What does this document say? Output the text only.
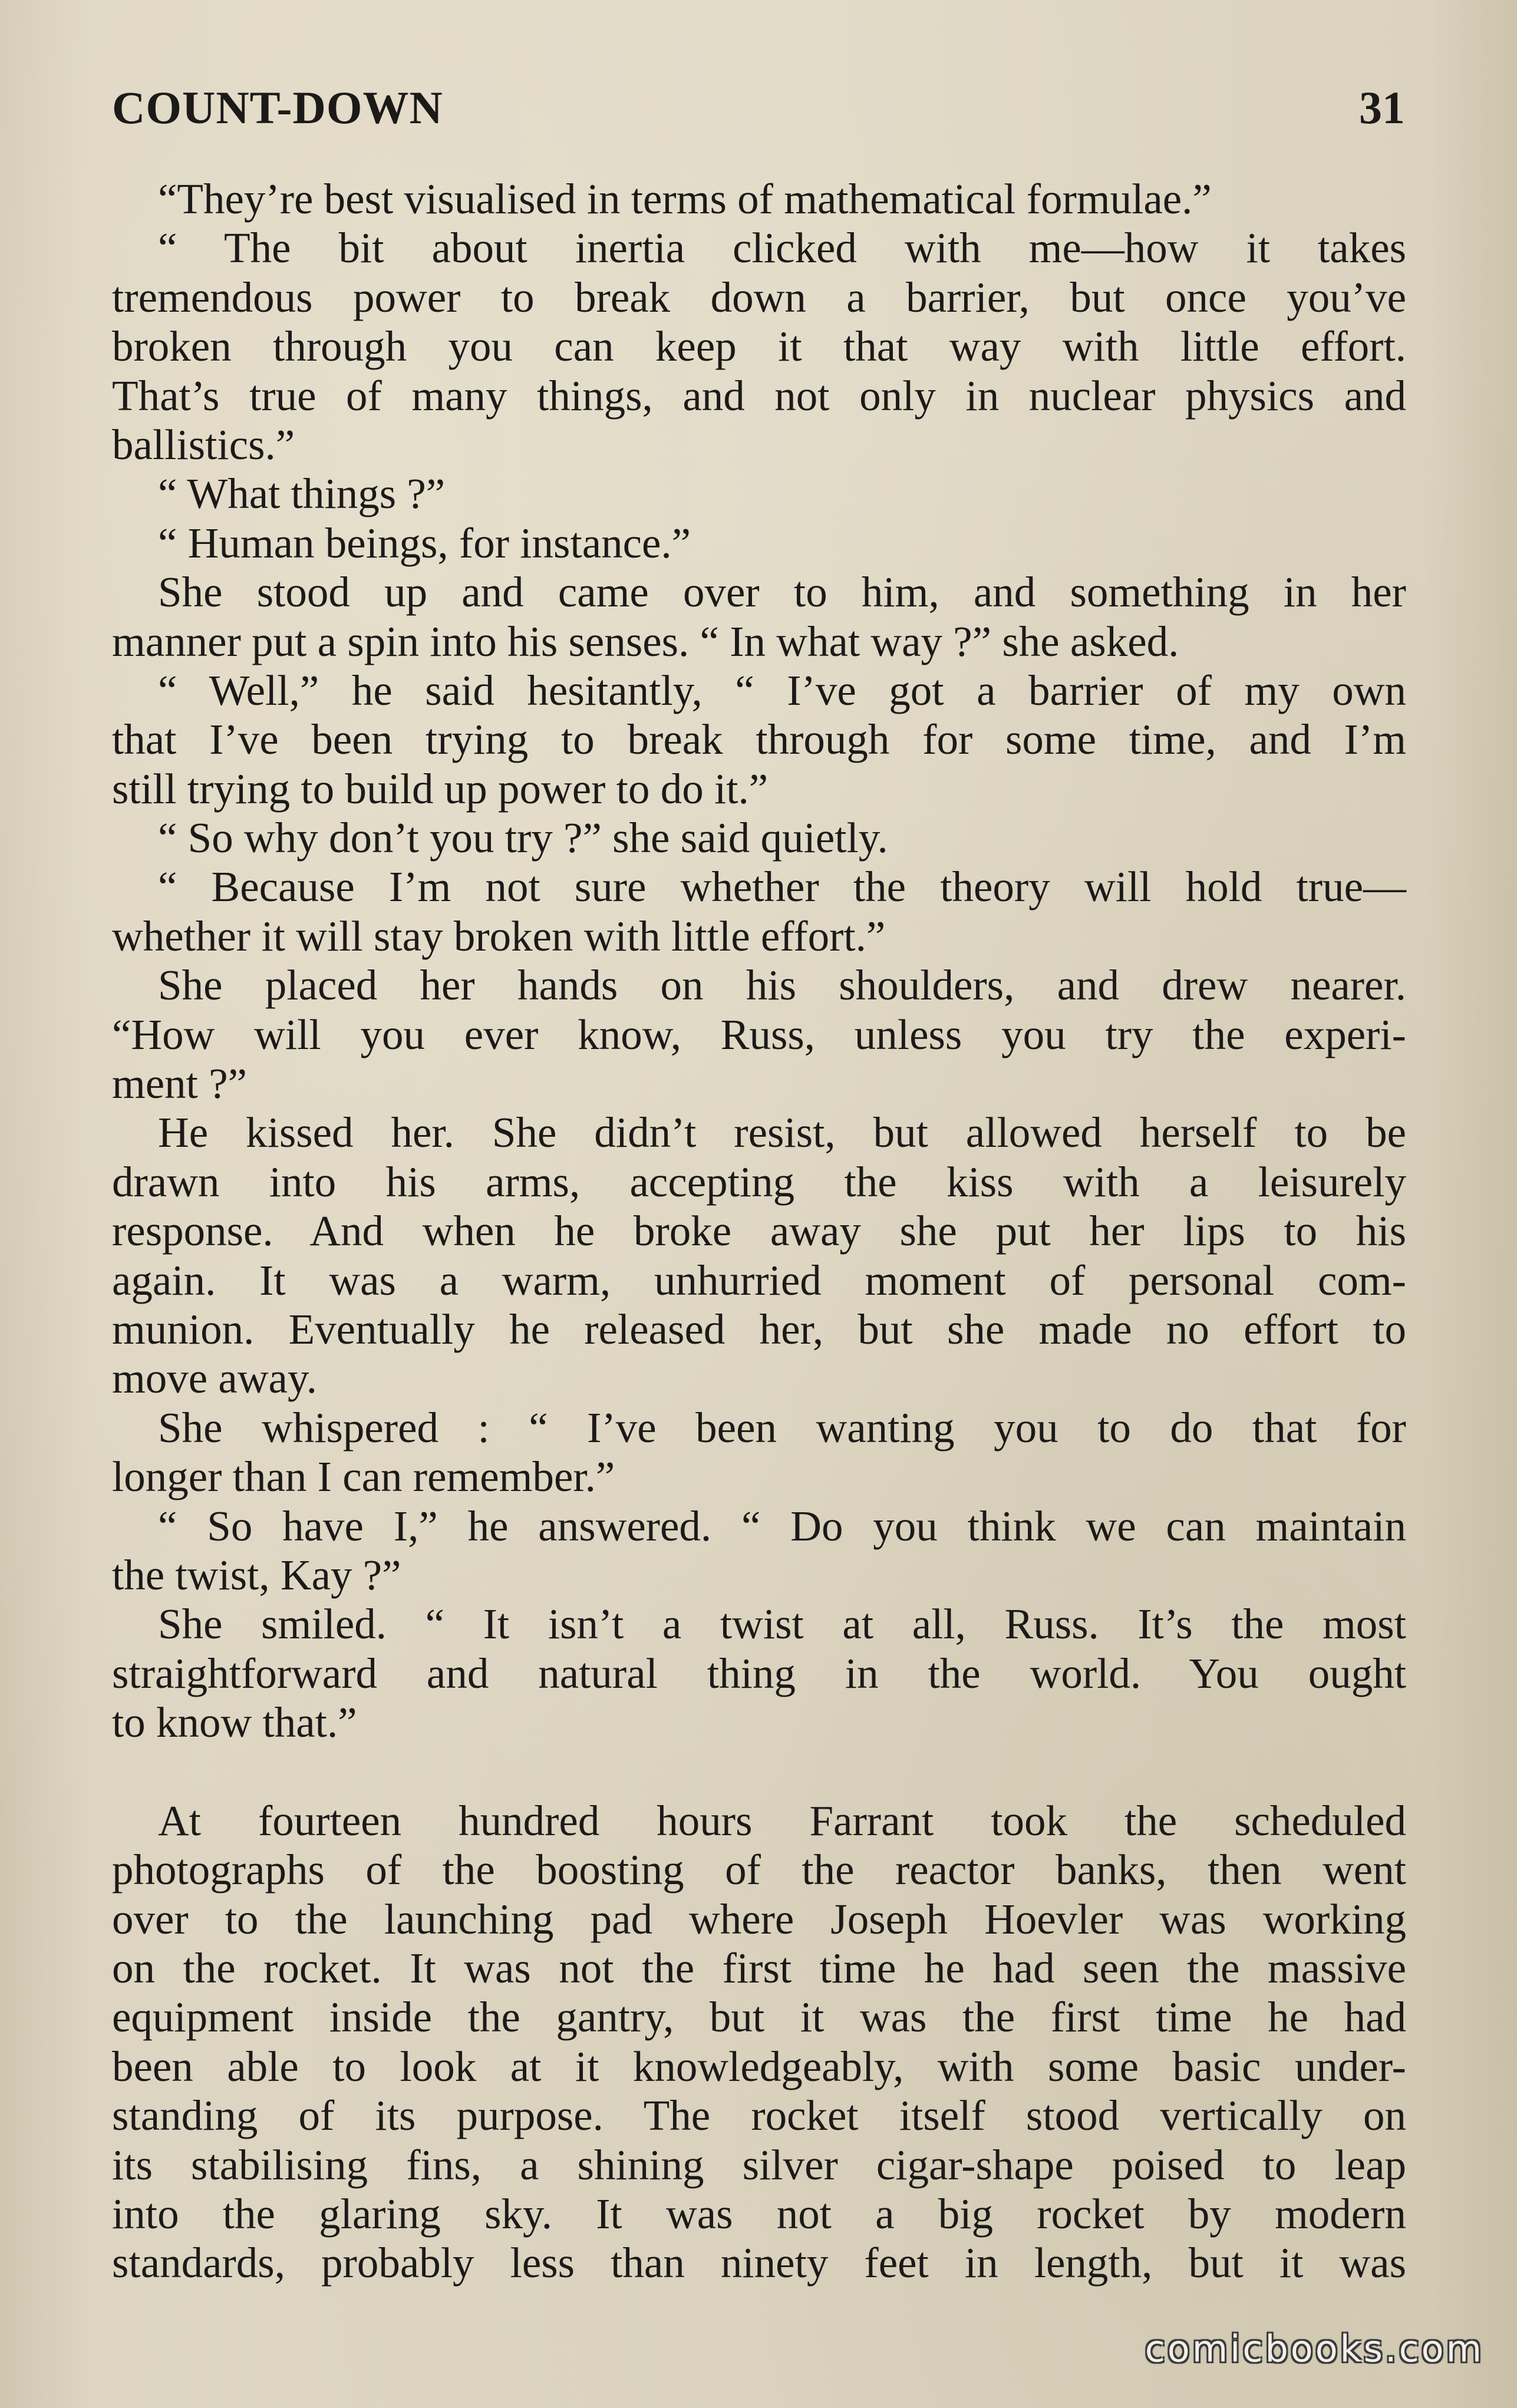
COUNT-DOWN	31
“They’re best visualised in terms of mathematical formulae.”
“ The bit about inertia clicked with me—how it takes
tremendous power to break down a barrier, but once you’ve
broken through you can keep it that way with little effort.
That’s true of many things, and not only in nuclear physics and
ballistics.”
“ What things ?”
“ Human beings, for instance.”
She stood up and came over to him, and something in her
manner put a spin into his senses. “ In what way ?” she asked.
“ Well,” he said hesitantly, “ I’ve got a barrier of my own
that I’ve been trying to break through for some time, and I’m
still trying to build up power to do it.”
“ So why don’t you try ?” she said quietly.
“ Because I’m not sure whether the theory will hold true—
whether it will stay broken with little effort.”
She placed her hands on his shoulders, and drew nearer.
“How will you ever know, Russ, unless you try the experi-
ment ?”
He kissed her. She didn’t resist, but allowed herself to be
drawn into his arms, accepting the kiss with a leisurely
response. And when he broke away she put her lips to his
again. It was a warm, unhurried moment of personal com-
munion. Eventually he released her, but she made no effort to
move away.
She whispered : “ I’ve been wanting you to do that for
longer than I can remember.”
“ So have I,” he answered. “ Do you think we can maintain
the twist, Kay ?”
She smiled. “ It isn’t a twist at all, Russ. It’s the most
straightforward and natural thing in the world. You ought
to know that.”
At fourteen hundred hours Farrant took the scheduled
photographs of the boosting of the reactor banks, then went
over to the launching pad where Joseph Hoevler was working
on the rocket. It was not the first time he had seen the massive
equipment inside the gantry, but it was the first time he had
been able to look at it knowledgeably, with some basic under-
standing of its purpose. The rocket itself stood vertically on
its stabilising fins, a shining silver cigar-shape poised to leap
into the glaring sky. It was not a big rocket by modern
standards, probably less than ninety feet in length, but it was
comicbooks.com
